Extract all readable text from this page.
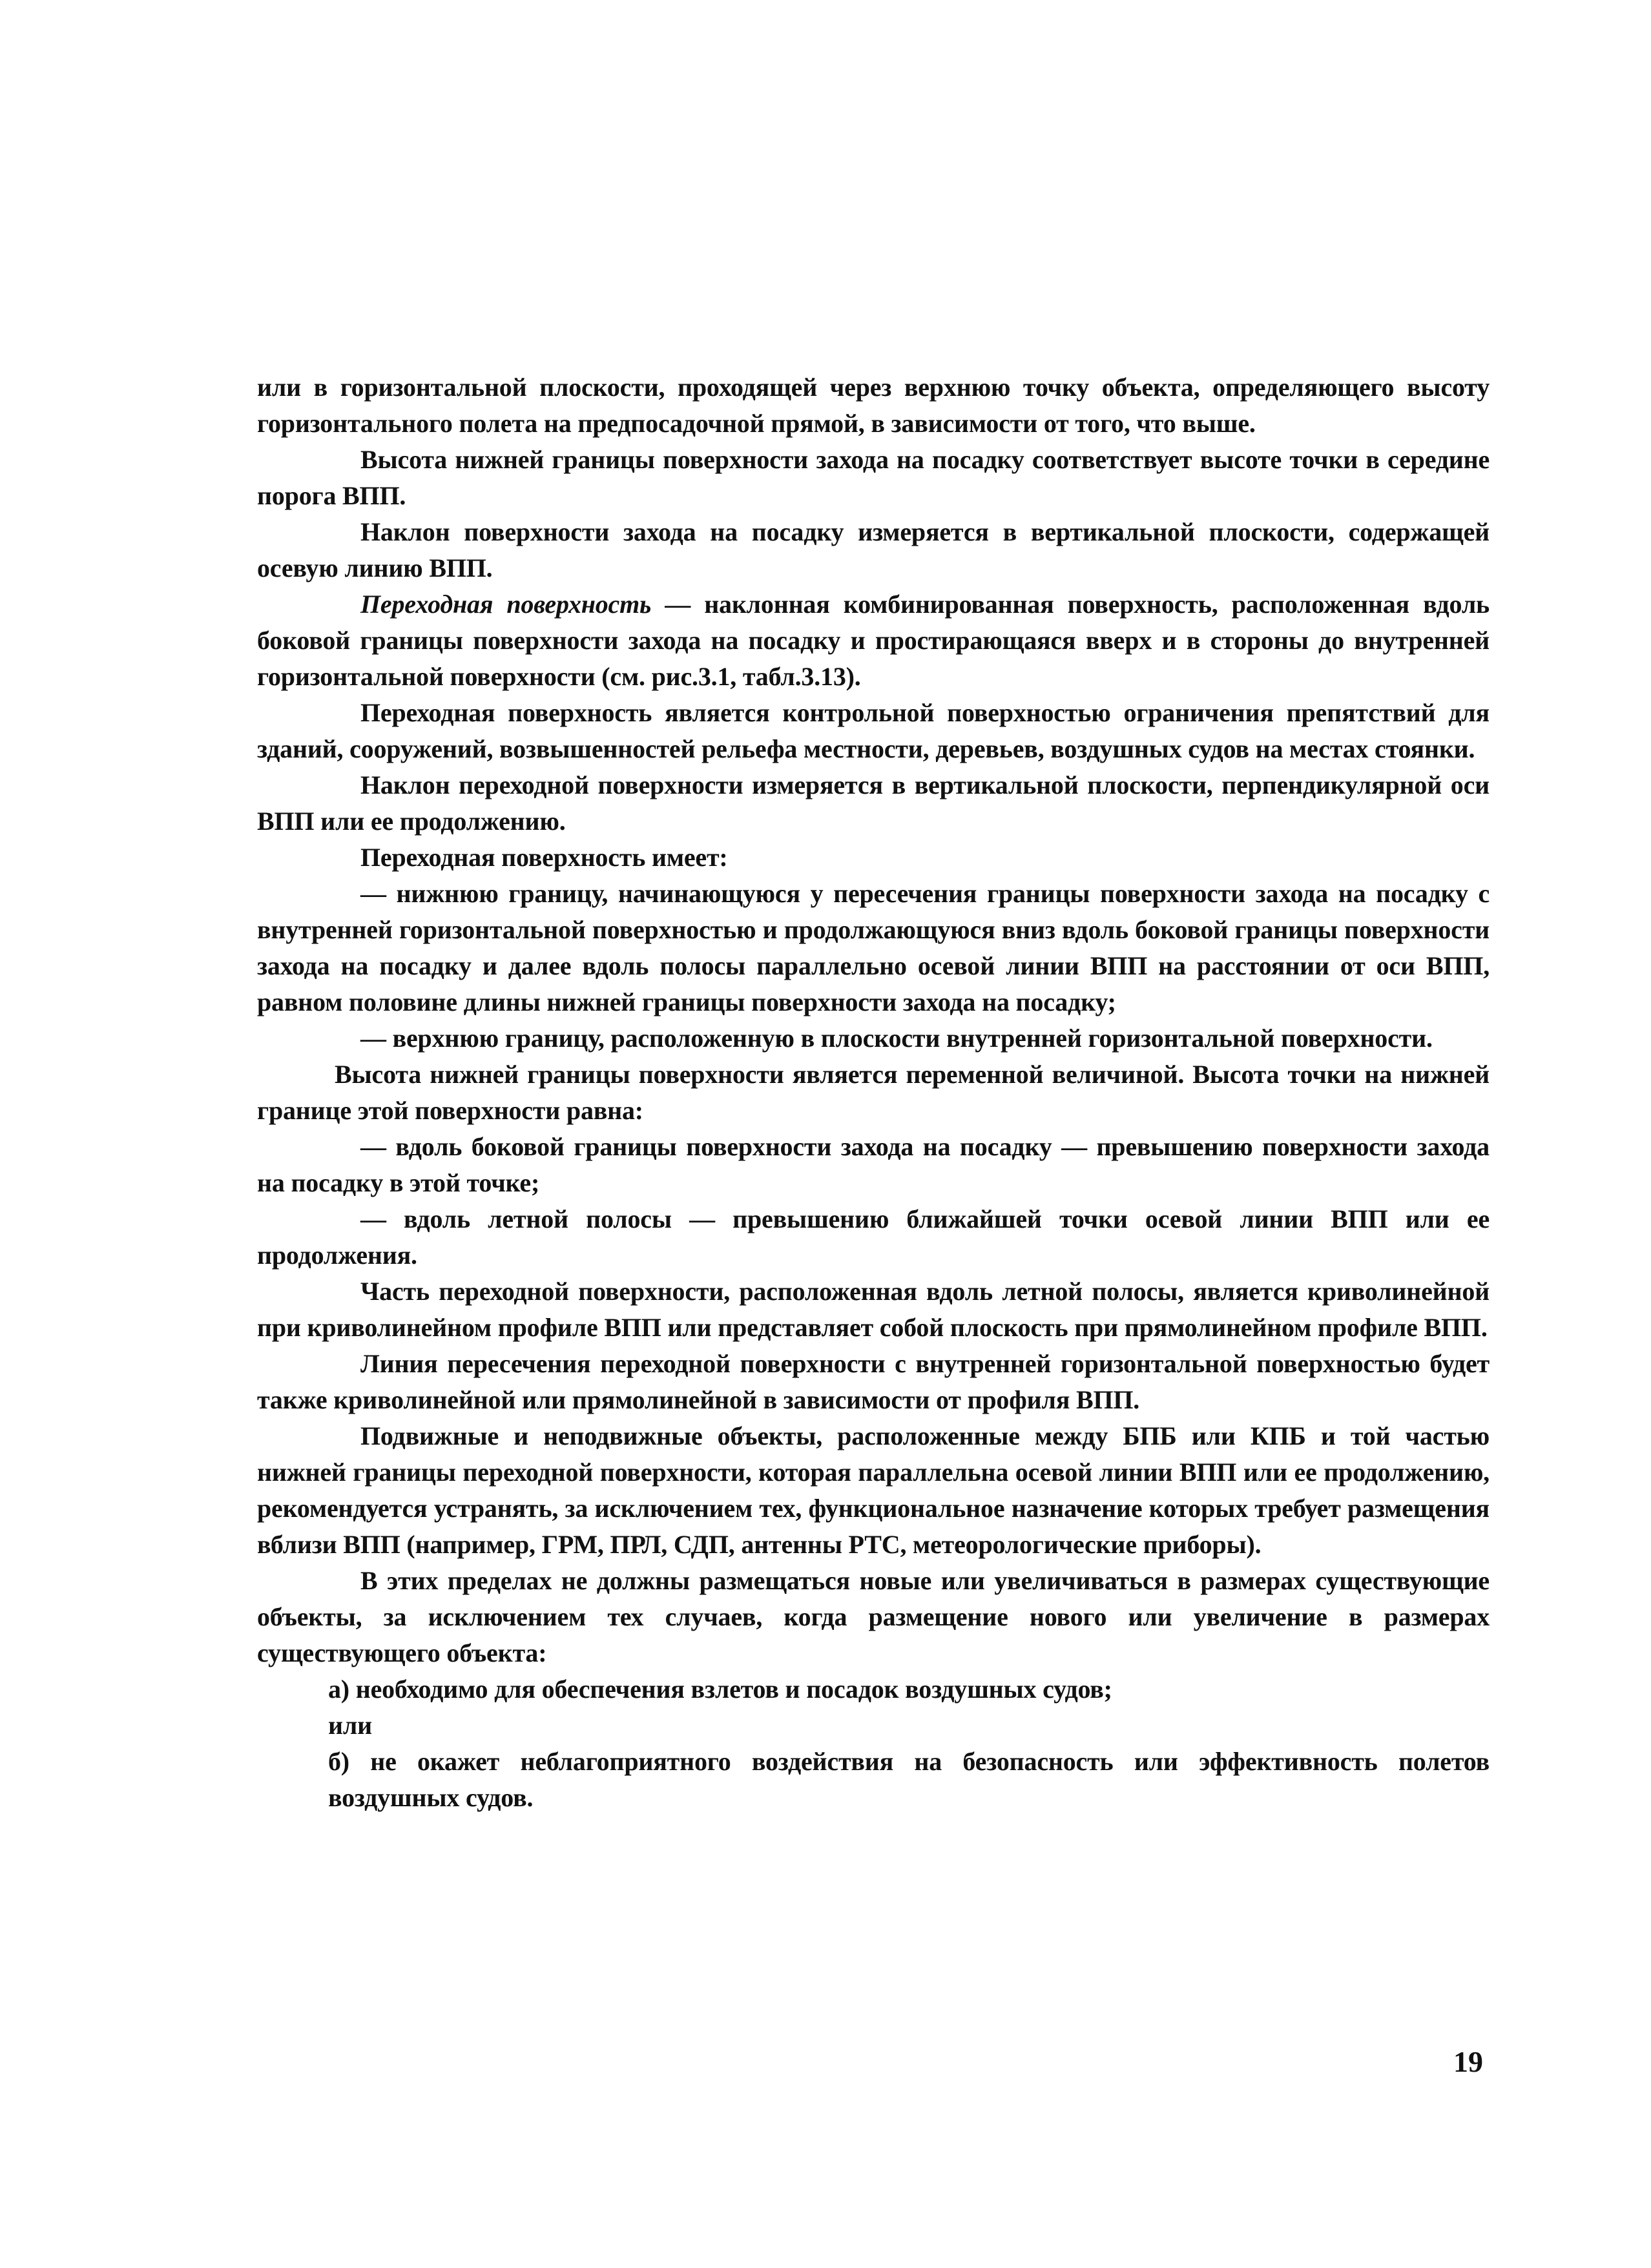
или в горизонтальной плоскости, проходящей через верхнюю точку объекта, определяющего высоту горизонтального полета на предпосадочной прямой, в зависимости от того, что выше.

Высота нижней границы поверхности захода на посадку соответствует высоте точки в середине порога ВПП.

Наклон поверхности захода на посадку измеряется в вертикальной плоскости, содержащей осевую линию ВПП.

Переходная поверхность — наклонная комбинированная поверхность, расположенная вдоль боковой границы поверхности захода на посадку и простирающаяся вверх и в стороны до внутренней горизонтальной поверхности (см. рис.3.1, табл.3.13).

Переходная поверхность является контрольной поверхностью ограничения препятствий для зданий, сооружений, возвышенностей рельефа местности, деревьев, воздушных судов на местах стоянки.

Наклон переходной поверхности измеряется в вертикальной плоскости, перпендикулярной оси ВПП или ее продолжению.

Переходная поверхность имеет:

— нижнюю границу, начинающуюся у пересечения границы поверхности захода на посадку с внутренней горизонтальной поверхностью и продолжающуюся вниз вдоль боковой границы поверхности захода на посадку и далее вдоль полосы параллельно осевой линии ВПП на расстоянии от оси ВПП, равном половине длины нижней границы поверхности захода на посадку;

— верхнюю границу, расположенную в плоскости внутренней горизонтальной поверхности.

Высота нижней границы поверхности является переменной величиной. Высота точки на нижней границе этой поверхности равна:

— вдоль боковой границы поверхности захода на посадку — превышению поверхности захода на посадку в этой точке;

— вдоль летной полосы — превышению ближайшей точки осевой линии ВПП или ее продолжения.

Часть переходной поверхности, расположенная вдоль летной полосы, является криволинейной при криволинейном профиле ВПП или представляет собой плоскость при прямолинейном профиле ВПП.

Линия пересечения переходной поверхности с внутренней горизонтальной поверхностью будет также криволинейной или прямолинейной в зависимости от профиля ВПП.

Подвижные и неподвижные объекты, расположенные между БПБ или КПБ и той частью нижней границы переходной поверхности, которая параллельна осевой линии ВПП или ее продолжению, рекомендуется устранять, за исключением тех, функциональное назначение которых требует размещения вблизи ВПП (например, ГРМ, ПРЛ, СДП, антенны РТС, метеорологические приборы).

В этих пределах не должны размещаться новые или увеличиваться в размерах существующие объекты, за исключением тех случаев, когда размещение нового или увеличение в размерах существующего объекта:

а) необходимо для обеспечения взлетов и посадок воздушных судов;

или

б) не окажет неблагоприятного воздействия на безопасность или эффективность полетов воздушных судов.

19
